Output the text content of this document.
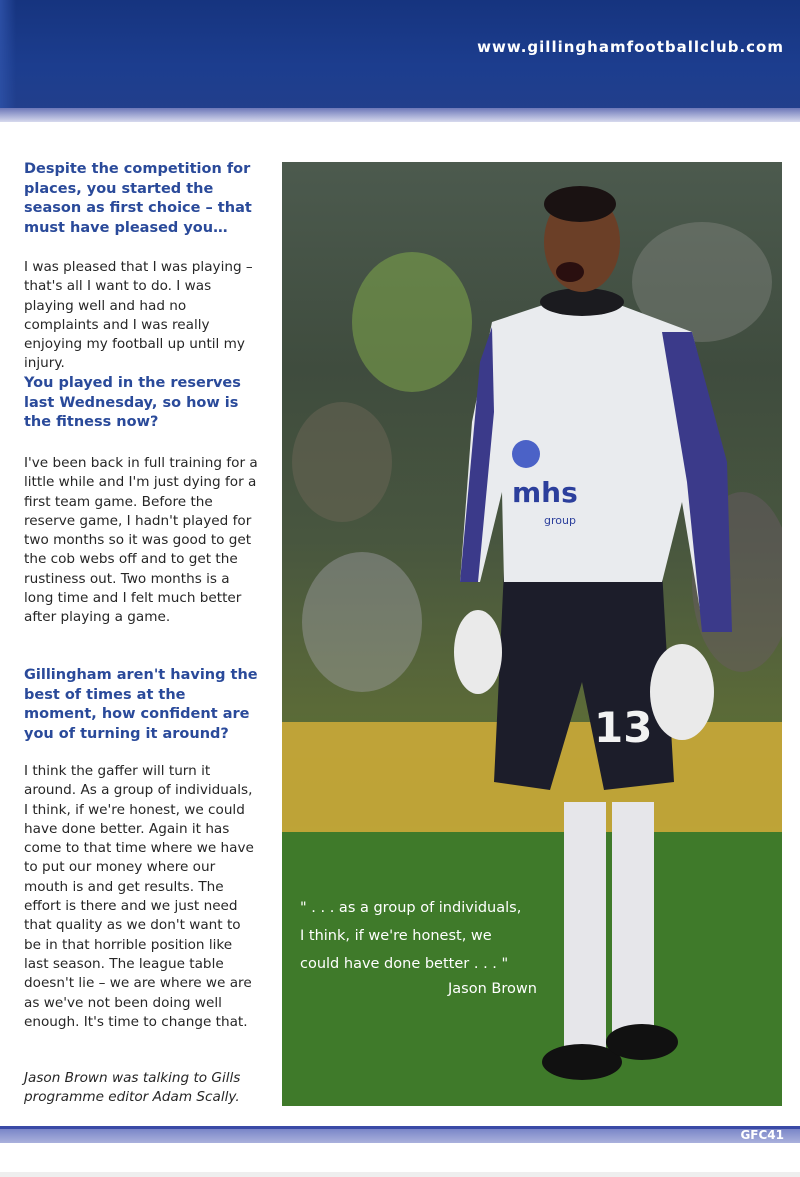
www.gillinghamfootballclub.com

Despite the competition for places, you started the season as first choice – that must have pleased you…

I was pleased that I was playing – that's all I want to do. I was playing well and had no complaints and I was really enjoying my football up until my injury.

You played in the reserves last Wednesday, so how is the fitness now?

I've been back in full training for a little while and I'm just dying for a first team game. Before the reserve game, I hadn't played for two months so it was good to get the cob webs off and to get the rustiness out. Two months is a long time and I felt much better after playing a game.

Gillingham aren't having the best of times at the moment, how confident are you of turning it around?

I think the gaffer will turn it around. As a group of individuals, I think, if we're honest, we could have done better. Again it has come to that time where we have to put our money where our mouth is and get results. The effort is there and we just need that quality as we don't want to be in that horrible position like last season. The league table doesn't lie – we are where we are as we've not been doing well enough. It's time to change that.

Jason Brown was talking to Gills programme editor Adam Scally.

mhs
group
13
" . . . as a group of individuals,
I think, if we're honest, we
could have done better . . . "
Jason Brown
GFC41
